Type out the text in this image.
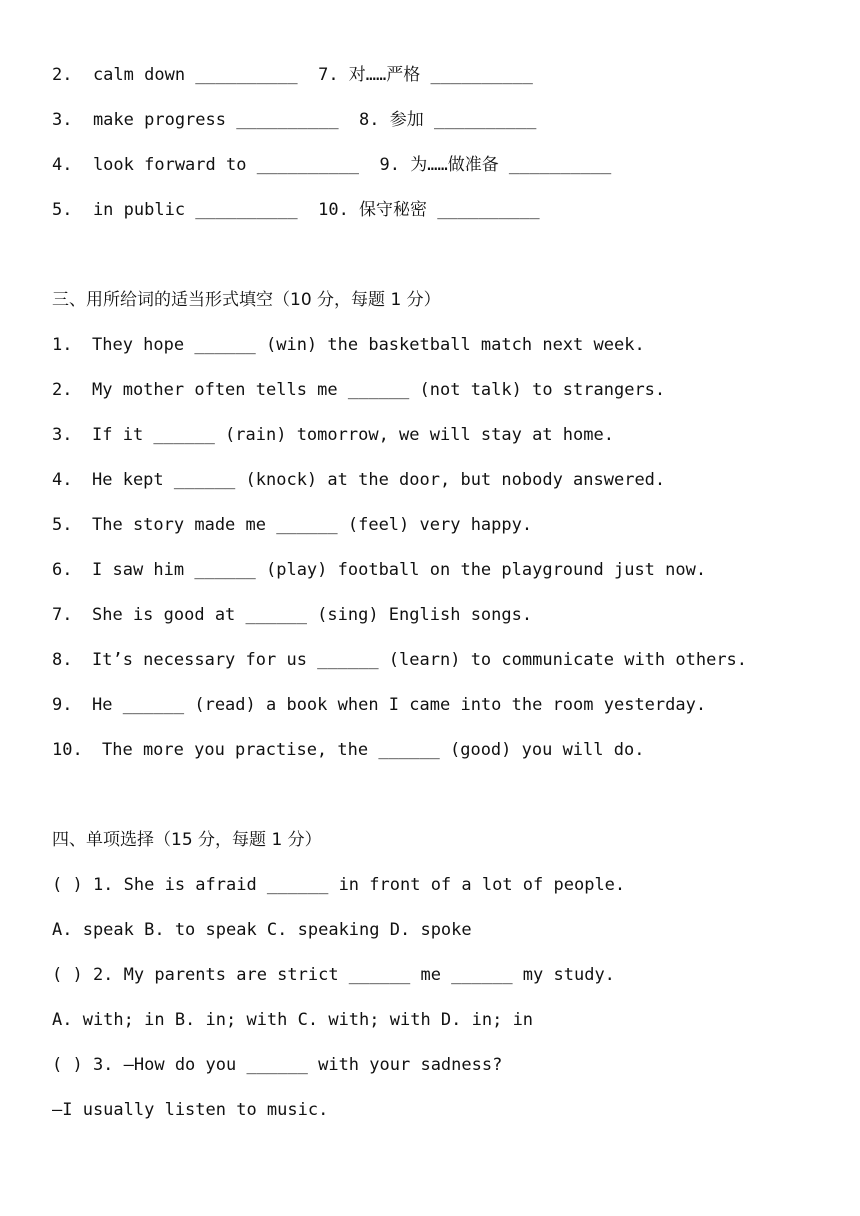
2.  calm down __________  7. 对……严格 __________
3.  make progress __________  8. 参加 __________
4.  look forward to __________  9. 为……做准备 __________
5.  in public __________  10. 保守秘密 __________
三、用所给词的适当形式填空（10 分，每题 1 分）
1. They hope ______ (win) the basketball match next week.
2. My mother often tells me ______ (not talk) to strangers.
3. If it ______ (rain) tomorrow, we will stay at home.
4. He kept ______ (knock) at the door, but nobody answered.
5. The story made me ______ (feel) very happy.
6. I saw him ______ (play) football on the playground just now.
7. She is good at ______ (sing) English songs.
8. It’s necessary for us ______ (learn) to communicate with others.
9. He ______ (read) a book when I came into the room yesterday.
10. The more you practise, the ______ (good) you will do.
四、单项选择（15 分，每题 1 分）
( ) 1. She is afraid ______ in front of a lot of people.
A. speak B. to speak C. speaking D. spoke
( ) 2. My parents are strict ______ me ______ my study.
A. with; in B. in; with C. with; with D. in; in
( ) 3. —How do you ______ with your sadness?
—I usually listen to music.
